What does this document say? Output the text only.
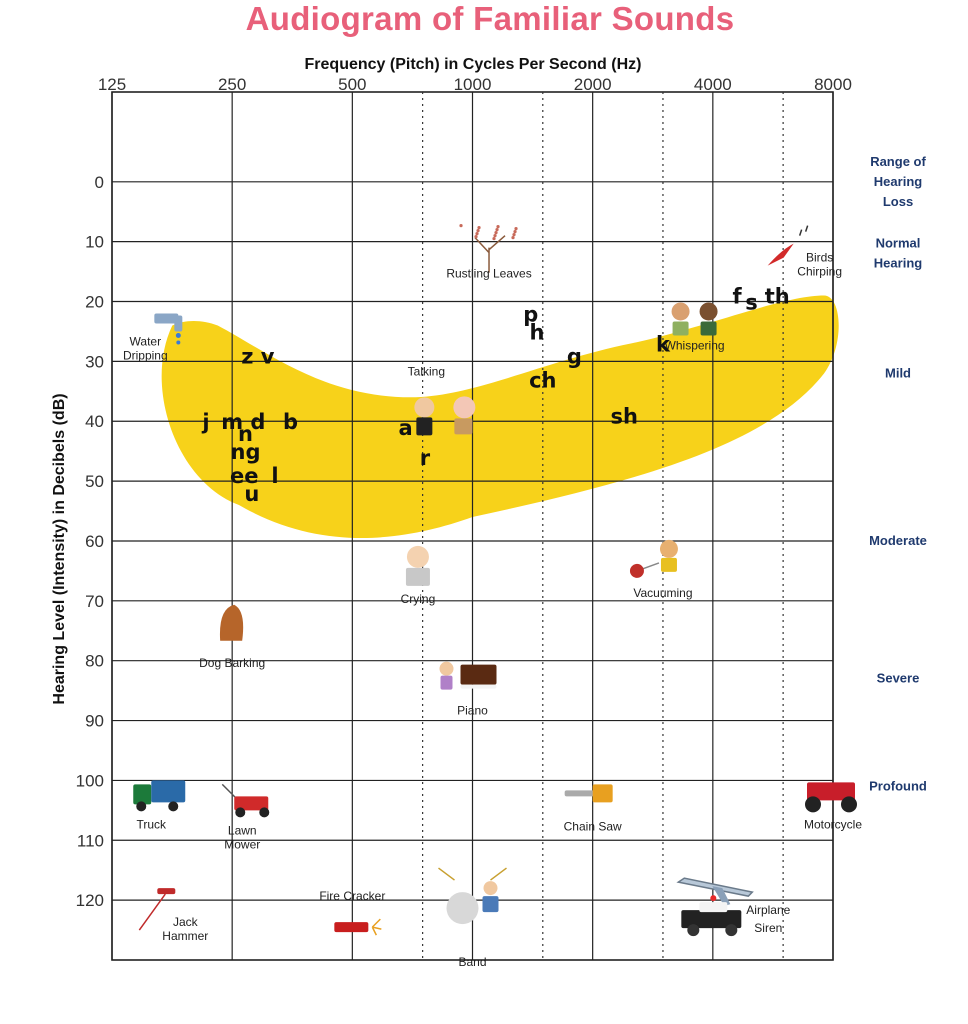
Audiogram of Familiar Sounds
Frequency (Pitch) in Cycles Per Second (Hz)
Hearing Level (Intensity) in Decibels (dB)
125	250	500	1000	2000	4000	8000
0
10
20
30
40
50
60
70
80
90
100
110
120
Range of Hearing Loss
Normal Hearing
Mild
Moderate
Severe
Profound
Rustling Leaves
Birds Chirping
Water Dripping
Whispering
Talking
Crying	Vacuuming
Dog Barking
Piano
Truck	Lawn Mower
Chain Saw	Motorcycle
Jack Hammer
Fire Cracker
Band
Airplane
Siren
z v
j m d b
n
ng
ee l
u
a
r
p
h
g
ch
sh
k
f s th
